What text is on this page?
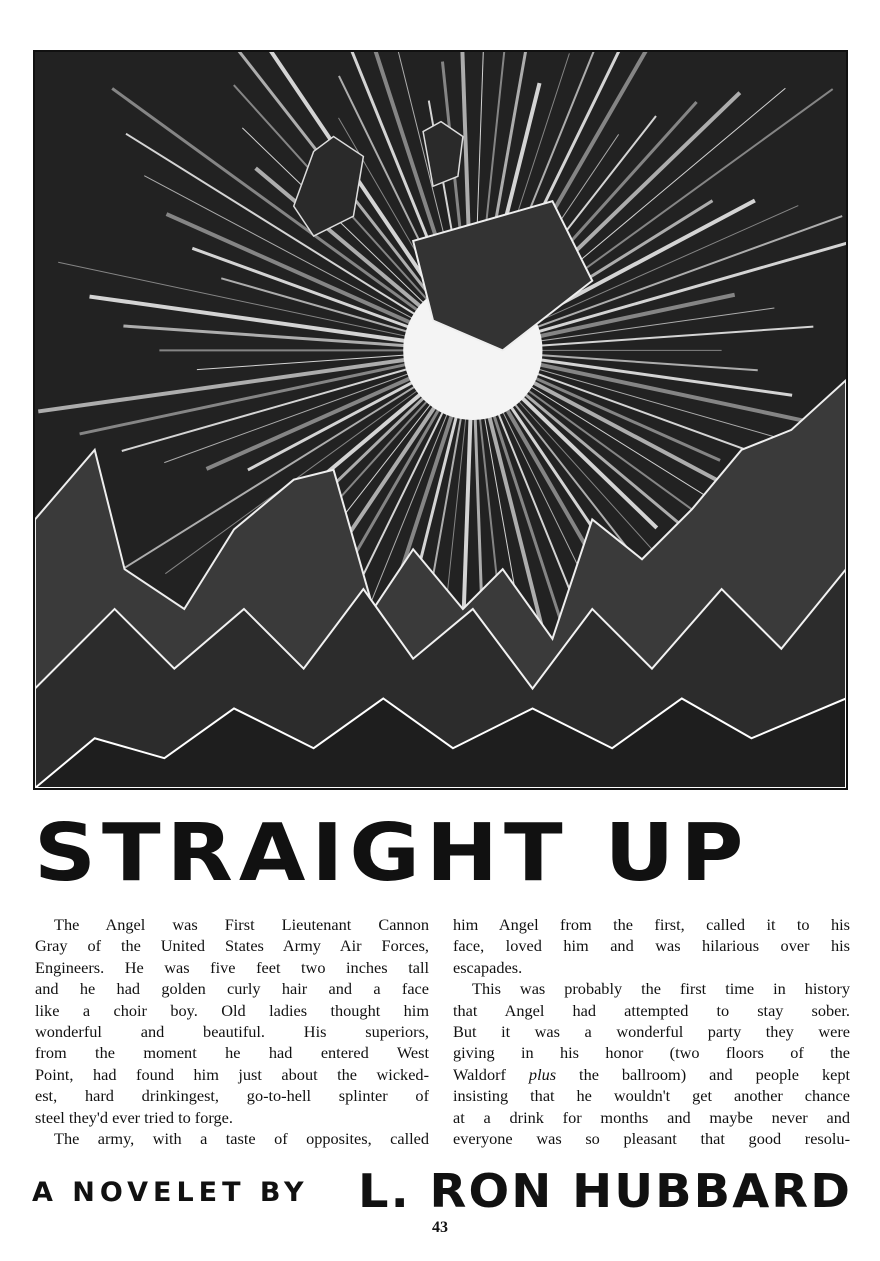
STRAIGHT UP
The Angel was First Lieutenant Cannon
Gray of the United States Army Air Forces,
Engineers. He was five feet two inches tall
and he had golden curly hair and a face
like a choir boy. Old ladies thought him
wonderful and beautiful. His superiors,
from the moment he had entered West
Point, had found him just about the wicked-
est, hard drinkingest, go-to-hell splinter of
steel they'd ever tried to forge.
The army, with a taste of opposites, called
him Angel from the first, called it to his
face, loved him and was hilarious over his
escapades.
This was probably the first time in history
that Angel had attempted to stay sober.
But it was a wonderful party they were
giving in his honor (two floors of the
Waldorf plus the ballroom) and people kept
insisting that he wouldn't get another chance
at a drink for months and maybe never and
everyone was so pleasant that good resolu-
A NOVELET BY L. RON HUBBARD
43
